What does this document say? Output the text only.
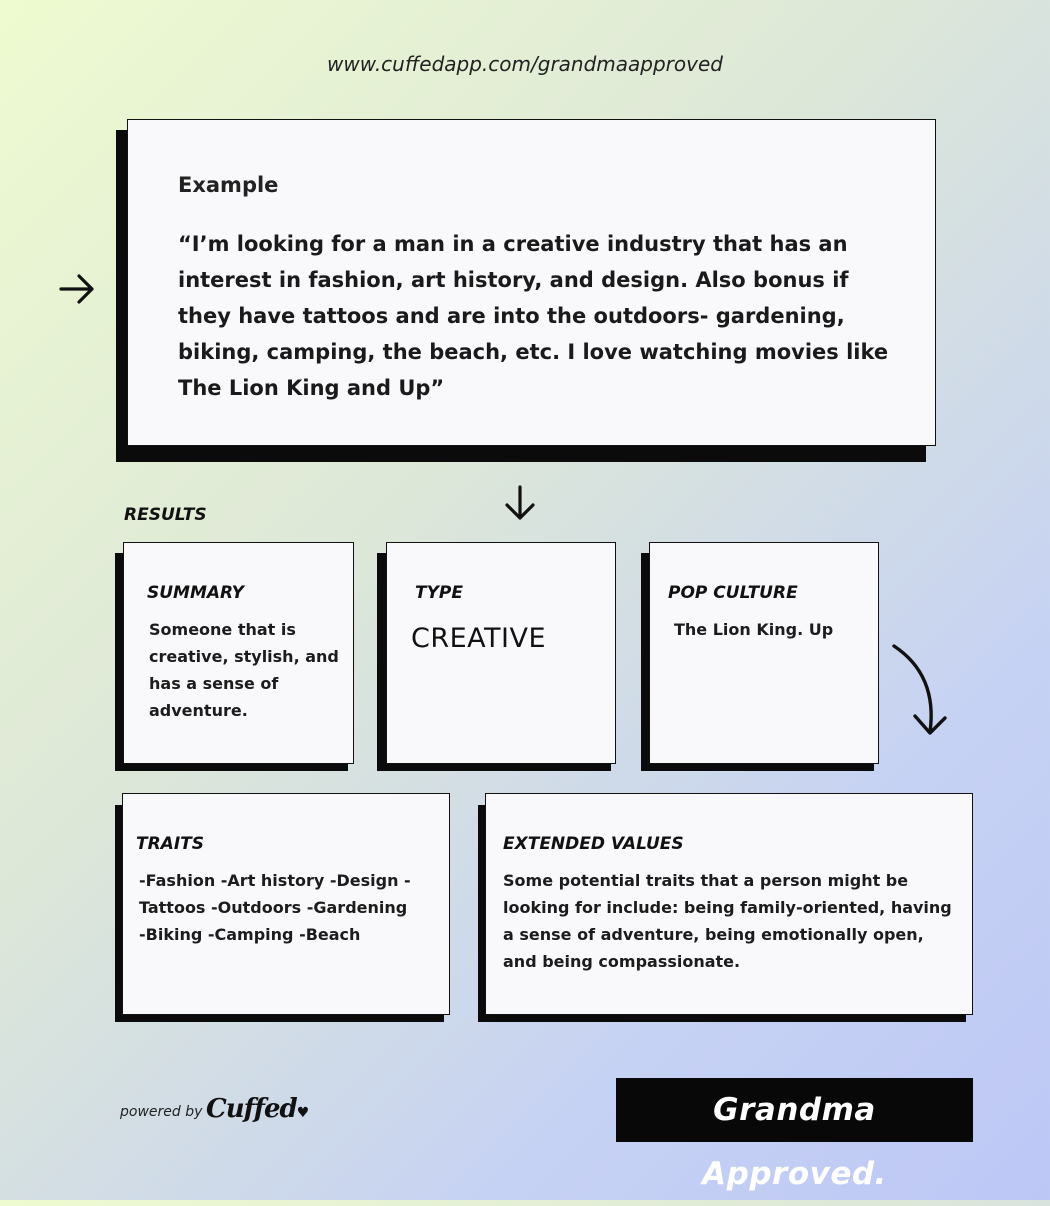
www.cuffedapp.com/grandmaapproved
Example
“I’m looking for a man in a creative industry that has an interest in fashion, art history, and design. Also bonus if they have tattoos and are into the outdoors- gardening, biking, camping, the beach, etc. I love watching movies like The Lion King and Up”
RESULTS
SUMMARY
Someone that is creative, stylish, and has a sense of adventure.
TYPE
CREATIVE
POP CULTURE
The Lion King. Up
TRAITS
-Fashion -Art history -Design - Tattoos -Outdoors -Gardening -Biking -Camping -Beach
EXTENDED VALUES
Some potential traits that a person might be looking for include: being family-oriented, having a sense of adventure, being emotionally open, and being compassionate.
powered by Cuffed♥	Grandma Approved.
